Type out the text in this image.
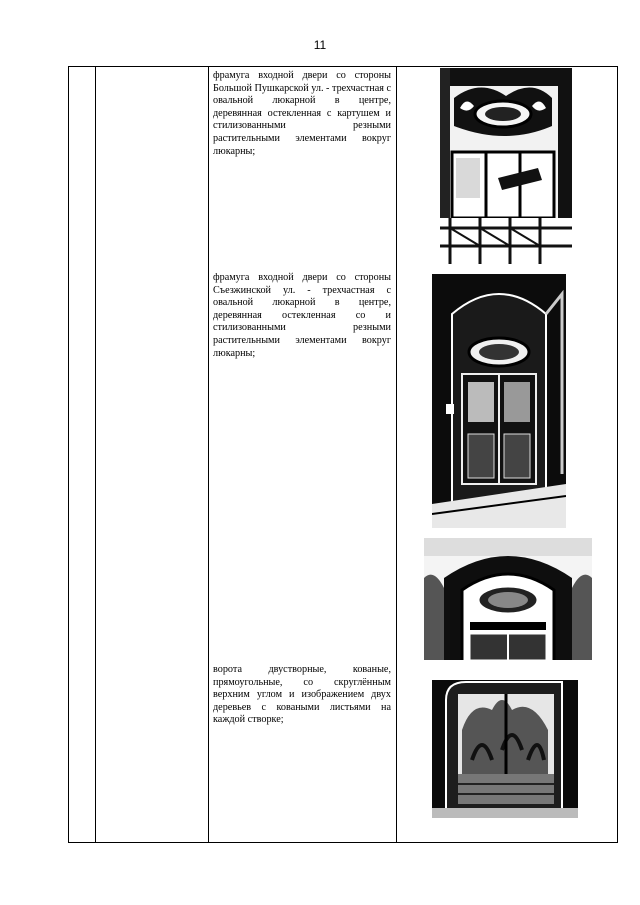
11
фрамуга входной двери со стороны Большой Пушкарской ул. - трехчастная с овальной люкарной в центре, деревянная остекленная с картушем и стилизованными резными растительными элементами вокруг люкарны;
фрамуга входной двери со стороны Съезжинской ул. - трехчастная с овальной люкарной в центре, деревянная остекленная со и стилизованными резными растительными элементами вокруг люкарны;
ворота двустворные, кованые, прямоугольные, со скруглённым верхним углом и изображением двух деревьев с коваными листьями на каждой створке;
